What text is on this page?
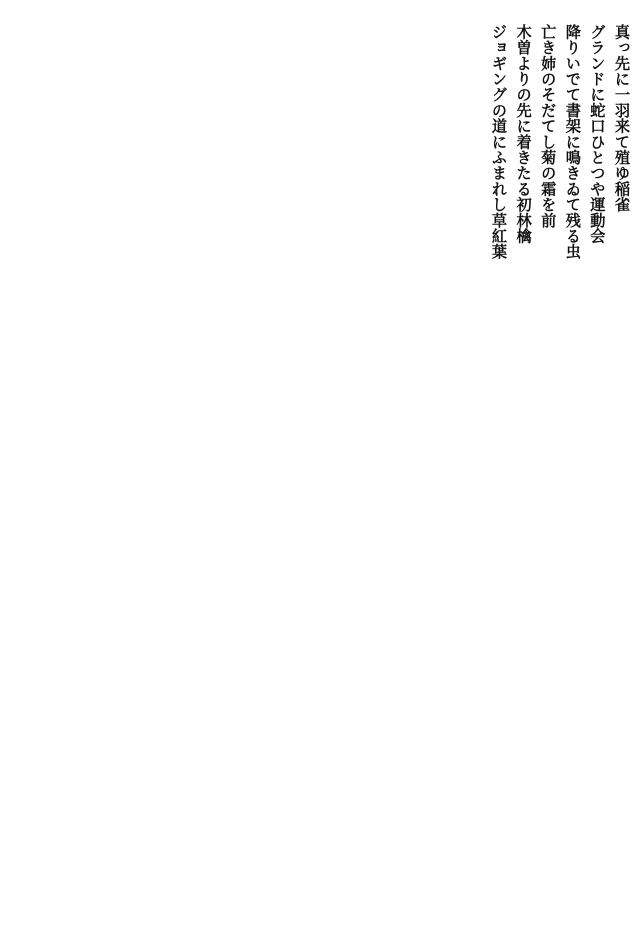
真っ先に一羽来て殖ゆ稲雀
グランドに蛇口ひとつや運動会
降りいでて書架に鳴きゐて残る虫
亡き姉のそだてし菊の霜を前
木曽よりの先に着きたる初林檎
ジョギングの道にふまれし草紅葉
